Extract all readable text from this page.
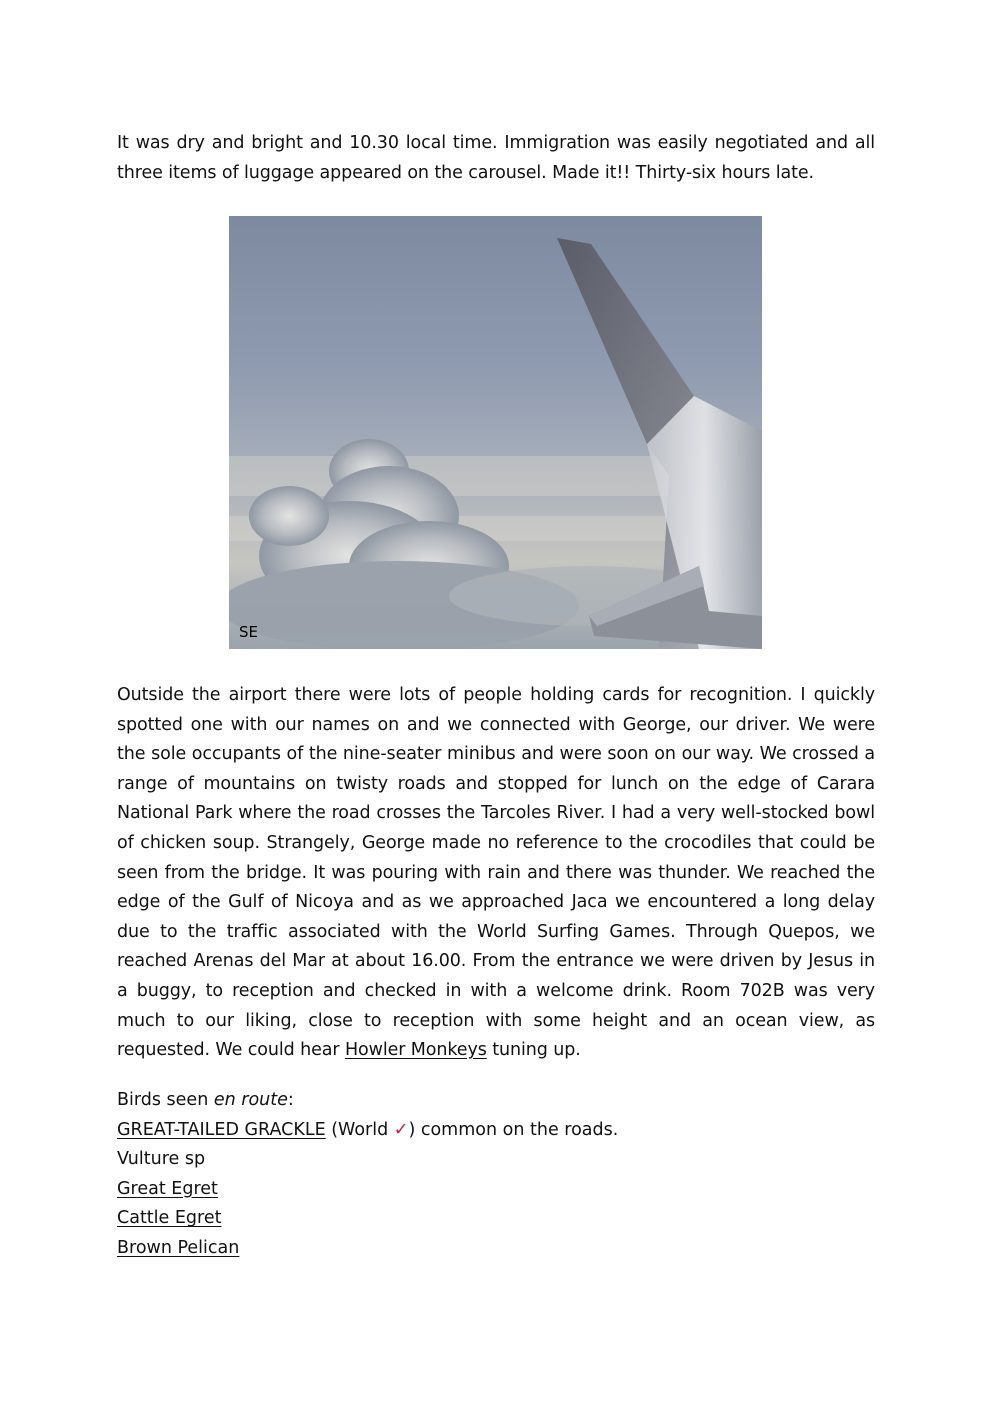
It was dry and bright and 10.30 local time. Immigration was easily negotiated and all three items of luggage appeared on the carousel. Made it!! Thirty-six hours late.

SE

Outside the airport there were lots of people holding cards for recognition. I quickly spotted one with our names on and we connected with George, our driver. We were the sole occupants of the nine-seater minibus and were soon on our way. We crossed a range of mountains on twisty roads and stopped for lunch on the edge of Carara National Park where the road crosses the Tarcoles River. I had a very well-stocked bowl of chicken soup. Strangely, George made no reference to the crocodiles that could be seen from the bridge. It was pouring with rain and there was thunder. We reached the edge of the Gulf of Nicoya and as we approached Jaca we encountered a long delay due to the traffic associated with the World Surfing Games. Through Quepos, we reached Arenas del Mar at about 16.00. From the entrance we were driven by Jesus in a buggy, to reception and checked in with a welcome drink. Room 702B was very much to our liking, close to reception with some height and an ocean view, as requested. We could hear Howler Monkeys tuning up.

Birds seen en route:
GREAT-TAILED GRACKLE (World ✓) common on the roads.
Vulture sp
Great Egret
Cattle Egret
Brown Pelican
